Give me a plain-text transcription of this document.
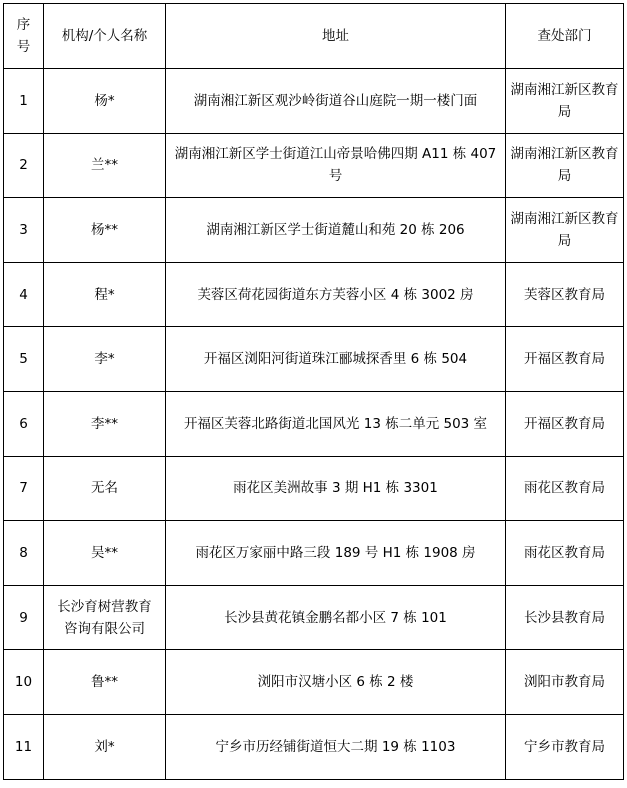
序号	机构/个人名称	地址	查处部门
1	杨*	湖南湘江新区观沙岭街道谷山庭院一期一楼门面	湖南湘江新区教育局
2	兰**	湖南湘江新区学士街道江山帝景哈佛四期 A11 栋 407 号	湖南湘江新区教育局
3	杨**	湖南湘江新区学士街道麓山和苑 20 栋 206	湖南湘江新区教育局
4	程*	芙蓉区荷花园街道东方芙蓉小区 4 栋 3002 房	芙蓉区教育局
5	李*	开福区浏阳河街道珠江郦城探香里 6 栋 504	开福区教育局
6	李**	开福区芙蓉北路街道北国风光 13 栋二单元 503 室	开福区教育局
7	无名	雨花区美洲故事 3 期 H1 栋 3301	雨花区教育局
8	吴**	雨花区万家丽中路三段 189 号 H1 栋 1908 房	雨花区教育局
9	长沙育树营教育咨询有限公司	长沙县黄花镇金鹏名都小区 7 栋 101	长沙县教育局
10	鲁**	浏阳市汉塘小区 6 栋 2 楼	浏阳市教育局
11	刘*	宁乡市历经铺街道恒大二期 19 栋 1103	宁乡市教育局
